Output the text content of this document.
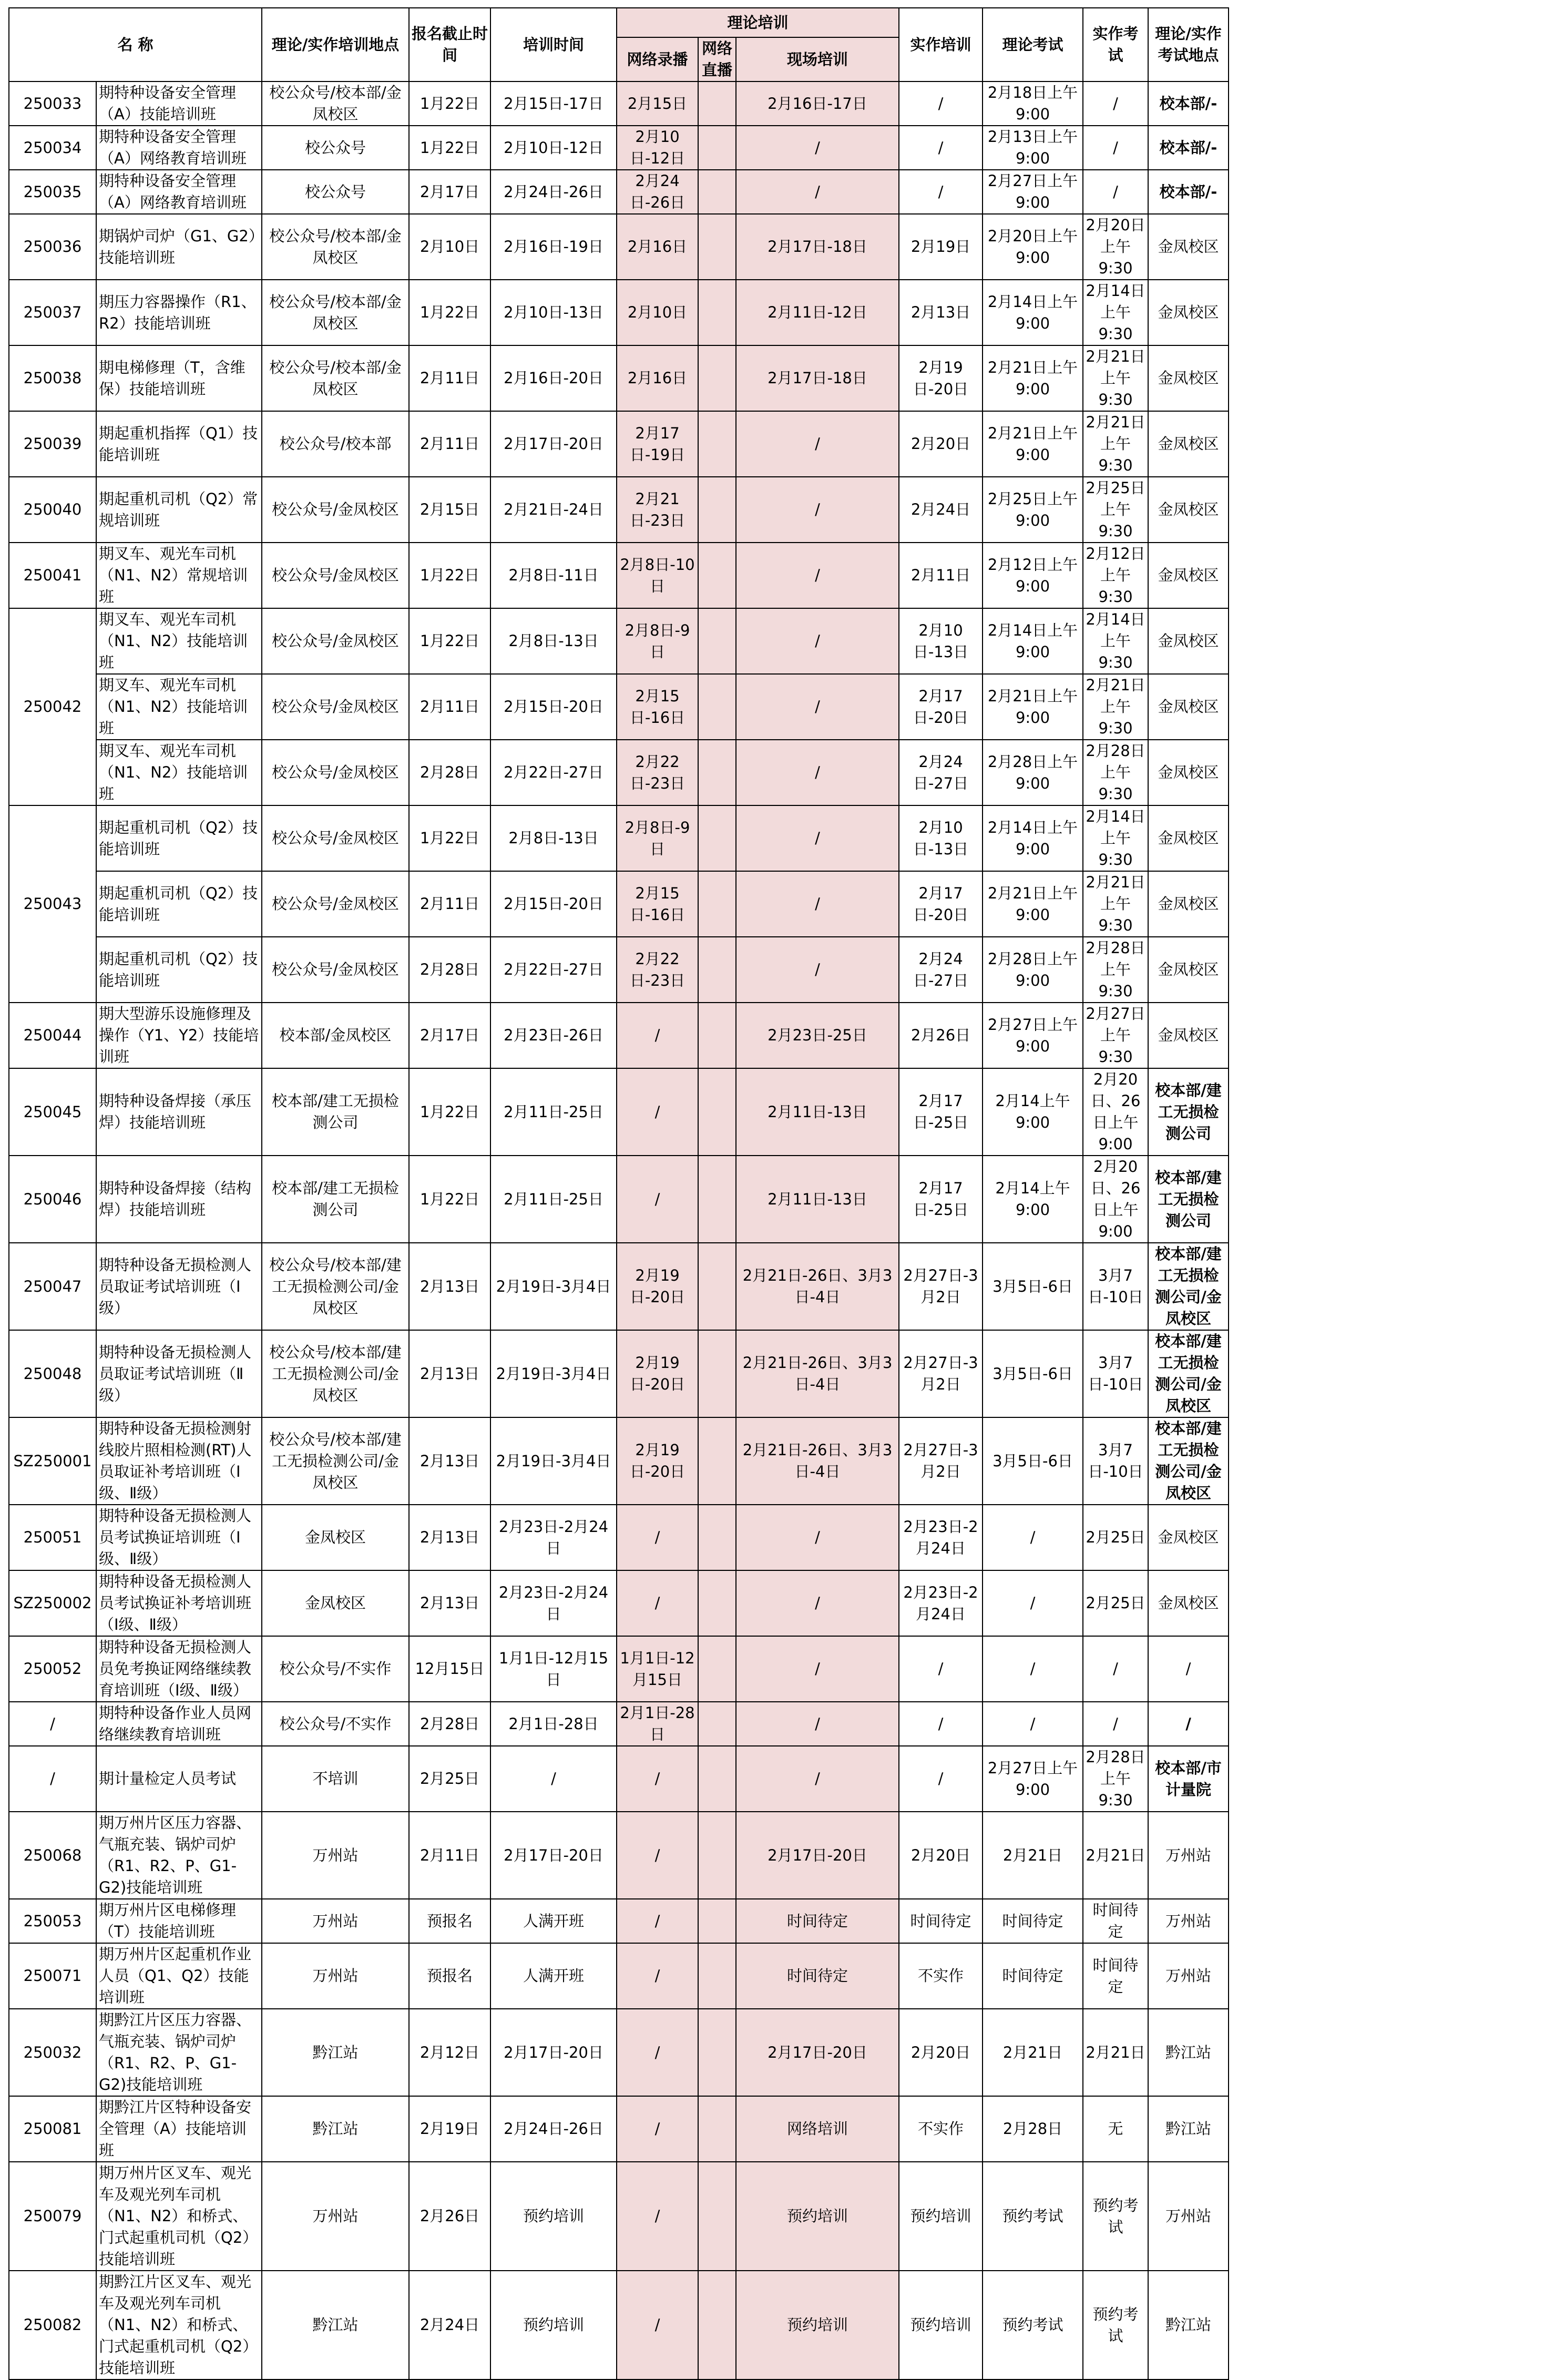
名 称		理论/实作培训地点	报名截止时间	培训时间	理论培训			实作培训	理论考试	实作考试	理论/实作考试地点
					网络录播	网络直播	现场培训				
250033	期特种设备安全管理（A）技能培训班	校公众号/校本部/金凤校区	1月22日	2月15日-17日	2月15日		2月16日-17日	/	2月18日上午9:00	/	校本部/-
250034	期特种设备安全管理（A）网络教育培训班	校公众号	1月22日	2月10日-12日	2月10日-12日		/	/	2月13日上午9:00	/	校本部/-
250035	期特种设备安全管理（A）网络教育培训班	校公众号	2月17日	2月24日-26日	2月24日-26日		/	/	2月27日上午9:00	/	校本部/-
250036	期锅炉司炉（G1、G2）技能培训班	校公众号/校本部/金凤校区	2月10日	2月16日-19日	2月16日		2月17日-18日	2月19日	2月20日上午9:00	2月20日上午9:30	金凤校区
250037	期压力容器操作（R1、R2）技能培训班	校公众号/校本部/金凤校区	1月22日	2月10日-13日	2月10日		2月11日-12日	2月13日	2月14日上午9:00	2月14日上午9:30	金凤校区
250038	期电梯修理（T，含维保）技能培训班	校公众号/校本部/金凤校区	2月11日	2月16日-20日	2月16日		2月17日-18日	2月19日-20日	2月21日上午9:00	2月21日上午9:30	金凤校区
250039	期起重机指挥（Q1）技能培训班	校公众号/校本部	2月11日	2月17日-20日	2月17日-19日		/	2月20日	2月21日上午9:00	2月21日上午9:30	金凤校区
250040	期起重机司机（Q2）常规培训班	校公众号/金凤校区	2月15日	2月21日-24日	2月21日-23日		/	2月24日	2月25日上午9:00	2月25日上午9:30	金凤校区
250041	期叉车、观光车司机（N1、N2）常规培训班	校公众号/金凤校区	1月22日	2月8日-11日	2月8日-10日		/	2月11日	2月12日上午9:00	2月12日上午9:30	金凤校区
250042	期叉车、观光车司机（N1、N2）技能培训班	校公众号/金凤校区	1月22日	2月8日-13日	2月8日-9日		/	2月10日-13日	2月14日上午9:00	2月14日上午9:30	金凤校区
	期叉车、观光车司机（N1、N2）技能培训班	校公众号/金凤校区	2月11日	2月15日-20日	2月15日-16日		/	2月17日-20日	2月21日上午9:00	2月21日上午9:30	金凤校区
	期叉车、观光车司机（N1、N2）技能培训班	校公众号/金凤校区	2月28日	2月22日-27日	2月22日-23日		/	2月24日-27日	2月28日上午9:00	2月28日上午9:30	金凤校区
250043	期起重机司机（Q2）技能培训班	校公众号/金凤校区	1月22日	2月8日-13日	2月8日-9日		/	2月10日-13日	2月14日上午9:00	2月14日上午9:30	金凤校区
	期起重机司机（Q2）技能培训班	校公众号/金凤校区	2月11日	2月15日-20日	2月15日-16日		/	2月17日-20日	2月21日上午9:00	2月21日上午9:30	金凤校区
	期起重机司机（Q2）技能培训班	校公众号/金凤校区	2月28日	2月22日-27日	2月22日-23日		/	2月24日-27日	2月28日上午9:00	2月28日上午9:30	金凤校区
250044	期大型游乐设施修理及操作（Y1、Y2）技能培训班	校本部/金凤校区	2月17日	2月23日-26日	/		2月23日-25日	2月26日	2月27日上午9:00	2月27日上午9:30	金凤校区
250045	期特种设备焊接（承压焊）技能培训班	校本部/建工无损检测公司	1月22日	2月11日-25日	/		2月11日-13日	2月17日-25日	2月14上午9:00	2月20日、26日上午9:00	校本部/建工无损检测公司
250046	期特种设备焊接（结构焊）技能培训班	校本部/建工无损检测公司	1月22日	2月11日-25日	/		2月11日-13日	2月17日-25日	2月14上午9:00	2月20日、26日上午9:00	校本部/建工无损检测公司
250047	期特种设备无损检测人员取证考试培训班（Ⅰ级）	校公众号/校本部/建工无损检测公司/金凤校区	2月13日	2月19日-3月4日	2月19日-20日		2月21日-26日、3月3日-4日	2月27日-3月2日	3月5日-6日	3月7日-10日	校本部/建工无损检测公司/金凤校区
250048	期特种设备无损检测人员取证考试培训班（Ⅱ级）	校公众号/校本部/建工无损检测公司/金凤校区	2月13日	2月19日-3月4日	2月19日-20日		2月21日-26日、3月3日-4日	2月27日-3月2日	3月5日-6日	3月7日-10日	校本部/建工无损检测公司/金凤校区
SZ250001	期特种设备无损检测射线胶片照相检测(RT)人员取证补考培训班（Ⅰ级、Ⅱ级）	校公众号/校本部/建工无损检测公司/金凤校区	2月13日	2月19日-3月4日	2月19日-20日		2月21日-26日、3月3日-4日	2月27日-3月2日	3月5日-6日	3月7日-10日	校本部/建工无损检测公司/金凤校区
250051	期特种设备无损检测人员考试换证培训班（Ⅰ级、Ⅱ级）	金凤校区	2月13日	2月23日-2月24日	/		/	2月23日-2月24日	/	2月25日	金凤校区
SZ250002	期特种设备无损检测人员考试换证补考培训班（Ⅰ级、Ⅱ级）	金凤校区	2月13日	2月23日-2月24日	/		/	2月23日-2月24日	/	2月25日	金凤校区
250052	期特种设备无损检测人员免考换证网络继续教育培训班（Ⅰ级、Ⅱ级）	校公众号/不实作	12月15日	1月1日-12月15日	1月1日-12月15日		/	/	/	/	/
/	期特种设备作业人员网络继续教育培训班	校公众号/不实作	2月28日	2月1日-28日	2月1日-28日		/	/	/	/	/
/	期计量检定人员考试	不培训	2月25日	/	/		/	/	2月27日上午9:00	2月28日上午9:30	校本部/市计量院
250068	期万州片区压力容器、气瓶充装、锅炉司炉（R1、R2、P、G1-G2)技能培训班	万州站	2月11日	2月17日-20日	/		2月17日-20日	2月20日	2月21日	2月21日	万州站
250053	期万州片区电梯修理（T）技能培训班	万州站	预报名	人满开班	/		时间待定	时间待定	时间待定	时间待定	万州站
250071	期万州片区起重机作业人员（Q1、Q2）技能培训班	万州站	预报名	人满开班	/		时间待定	不实作	时间待定	时间待定	万州站
250032	期黔江片区压力容器、气瓶充装、锅炉司炉（R1、R2、P、G1-G2)技能培训班	黔江站	2月12日	2月17日-20日	/		2月17日-20日	2月20日	2月21日	2月21日	黔江站
250081	期黔江片区特种设备安全管理（A）技能培训班	黔江站	2月19日	2月24日-26日	/		网络培训	不实作	2月28日	无	黔江站
250079	期万州片区叉车、观光车及观光列车司机（N1、N2）和桥式、门式起重机司机（Q2）技能培训班	万州站	2月26日	预约培训	/		预约培训	预约培训	预约考试	预约考试	万州站
250082	期黔江片区叉车、观光车及观光列车司机（N1、N2）和桥式、门式起重机司机（Q2）技能培训班	黔江站	2月24日	预约培训	/		预约培训	预约培训	预约考试	预约考试	黔江站
